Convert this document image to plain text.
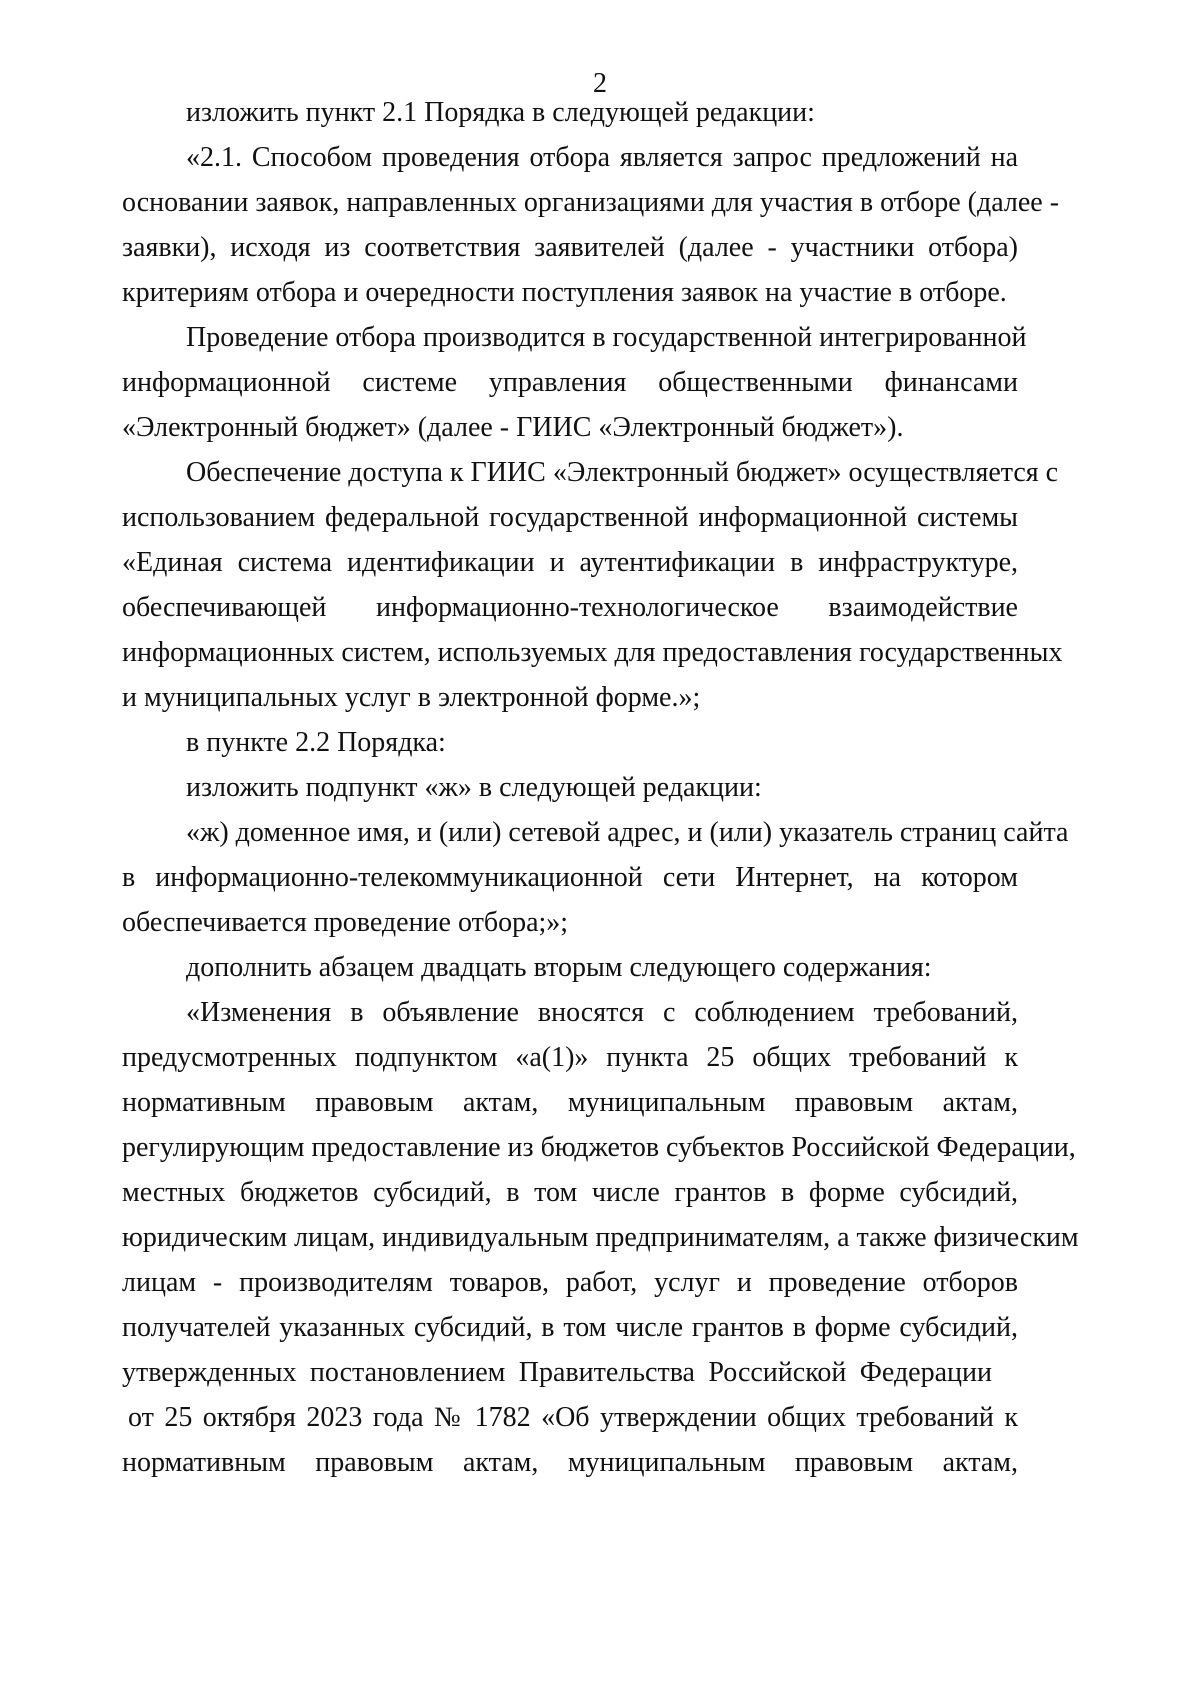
2
изложить пункт 2.1 Порядка в следующей редакции:
«2.1. Способом проведения отбора является запрос предложений на
основании заявок, направленных организациями для участия в отборе (далее -
заявки), исходя из соответствия заявителей (далее - участники отбора)
критериям отбора и очередности поступления заявок на участие в отборе.
Проведение отбора производится в государственной интегрированной
информационной системе управления общественными финансами
«Электронный бюджет» (далее - ГИИС «Электронный бюджет»).
Обеспечение доступа к ГИИС «Электронный бюджет» осуществляется с
использованием федеральной государственной информационной системы
«Единая система идентификации и аутентификации в инфраструктуре,
обеспечивающей информационно-технологическое взаимодействие
информационных систем, используемых для предоставления государственных
и муниципальных услуг в электронной форме.»;
в пункте 2.2 Порядка:
изложить подпункт «ж» в следующей редакции:
«ж) доменное имя, и (или) сетевой адрес, и (или) указатель страниц сайта
в информационно-телекоммуникационной сети Интернет, на котором
обеспечивается проведение отбора;»;
дополнить абзацем двадцать вторым следующего содержания:
«Изменения в объявление вносятся с соблюдением требований,
предусмотренных подпунктом «а(1)» пункта 25 общих требований к
нормативным правовым актам, муниципальным правовым актам,
регулирующим предоставление из бюджетов субъектов Российской Федерации,
местных бюджетов субсидий, в том числе грантов в форме субсидий,
юридическим лицам, индивидуальным предпринимателям, а также физическим
лицам - производителям товаров, работ, услуг и проведение отборов
получателей указанных субсидий, в том числе грантов в форме субсидий,
утвержденных постановлением Правительства Российской Федерации
от 25 октября 2023 года № 1782 «Об утверждении общих требований к
нормативным правовым актам, муниципальным правовым актам,
